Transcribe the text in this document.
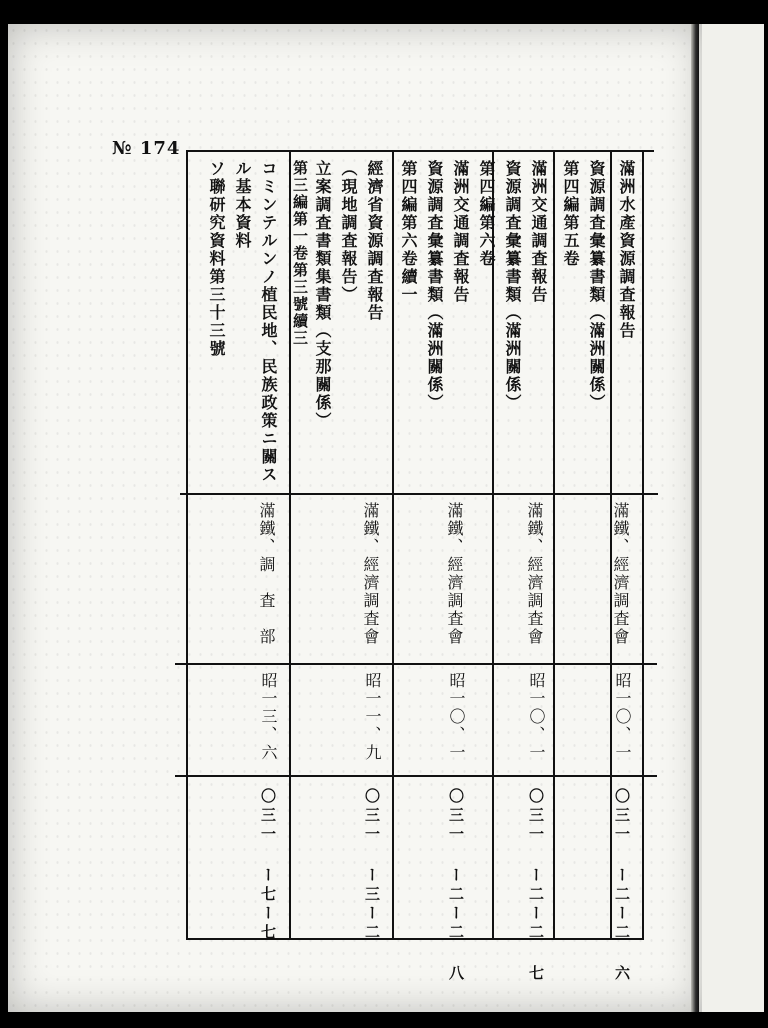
№ 174
滿洲水產資源調査報告
資源調査彙纂書類（滿洲關係）
第四編第五卷
滿鐵、經濟調査會
昭一〇、一
〇三一 ー二ー二 六
滿洲交通調査報告
資源調査彙纂書類（滿洲關係）
第四編第六卷
滿鐵、經濟調査會
昭一〇、一
〇三一 ー二ー二 七
滿洲交通調査報告
資源調査彙纂書類（滿洲關係）
第四編第六卷續一
滿鐵、經濟調査會
昭一〇、一
〇三一 ー二ー二 八
經濟省資源調査報告
（現地調査報告）
立案調査書類集書類（支那關係）
第三編第一卷第三號續三
滿鐵、經濟調査會
昭一一、九
〇三一 ー三ー二
コミンテルンノ植民地、民族政策ニ關ス
ル基本資料
ソ聯研究資料第三十三號
滿鐵、調　査　部
昭一三、六
〇三一 ー七ー七
